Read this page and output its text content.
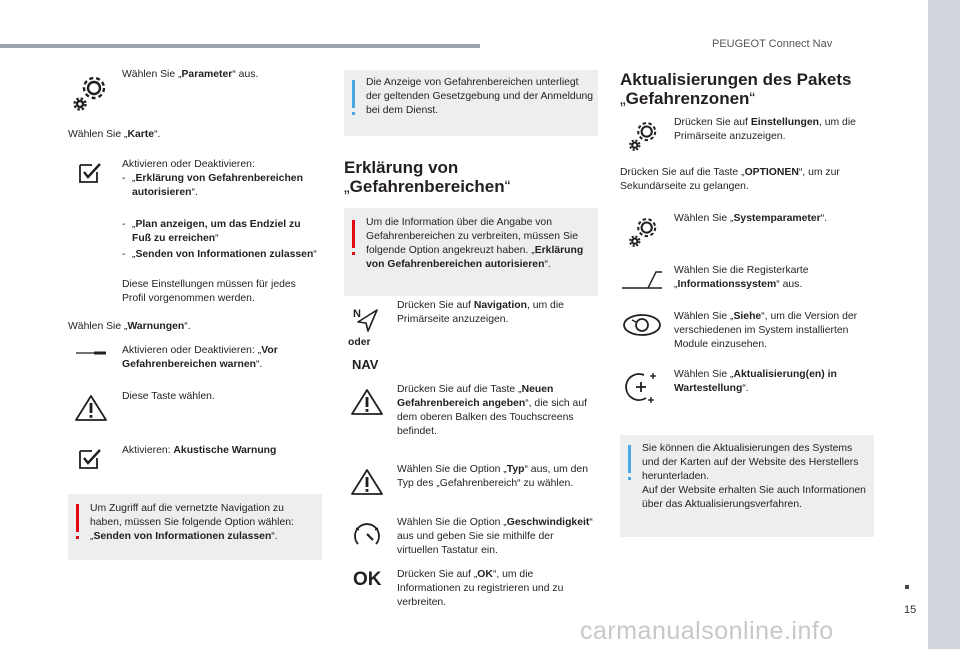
PEUGEOT Connect Nav
15
carmanualsonline.info
Wählen Sie „Parameter“ aus.
Wählen Sie „Karte“.
Aktivieren oder Deaktivieren:
- „Erklärung von Gefahrenbereichen autorisieren“.
- „Plan anzeigen, um das Endziel zu Fuß zu erreichen“
- „Senden von Informationen zulassen“
Diese Einstellungen müssen für jedes Profil vorgenommen werden.
Wählen Sie „Warnungen“.
Aktivieren oder Deaktivieren: „Vor Gefahrenbereichen warnen“.
Diese Taste wählen.
Aktivieren: Akustische Warnung
Um Zugriff auf die vernetzte Navigation zu haben, müssen Sie folgende Option wählen: „Senden von Informationen zulassen“.
Die Anzeige von Gefahrenbereichen unterliegt der geltenden Gesetzgebung und der Anmeldung bei dem Dienst.
Erklärung von
„Gefahrenbereichen“
Um die Information über die Angabe von Gefahrenbereichen zu verbreiten, müssen Sie folgende Option angekreuzt haben. „Erklärung von Gefahrenbereichen autorisieren“.
N
oder
NAV
Drücken Sie auf Navigation, um die Primärseite anzuzeigen.
Drücken Sie auf die Taste „Neuen Gefahrenbereich angeben“, die sich auf dem oberen Balken des Touchscreens befindet.
Wählen Sie die Option „Typ“ aus, um den Typ des „Gefahrenbereich“ zu wählen.
Wählen Sie die Option „Geschwindigkeit“ aus und geben Sie sie mithilfe der virtuellen Tastatur ein.
OK Drücken Sie auf „OK“, um die Informationen zu registrieren und zu verbreiten.
Aktualisierungen des Pakets
„Gefahrenzonen“
Drücken Sie auf Einstellungen, um die Primärseite anzuzeigen.
Drücken Sie auf die Taste „OPTIONEN“, um zur Sekundärseite zu gelangen.
Wählen Sie „Systemparameter“.
Wählen Sie die Registerkarte „Informationssystem“ aus.
Wählen Sie „Siehe“, um die Version der verschiedenen im System installierten Module einzusehen.
Wählen Sie „Aktualisierung(en) in Wartestellung“.
Sie können die Aktualisierungen des Systems und der Karten auf der Website des Herstellers herunterladen.
Auf der Website erhalten Sie auch Informationen über das Aktualisierungsverfahren.
